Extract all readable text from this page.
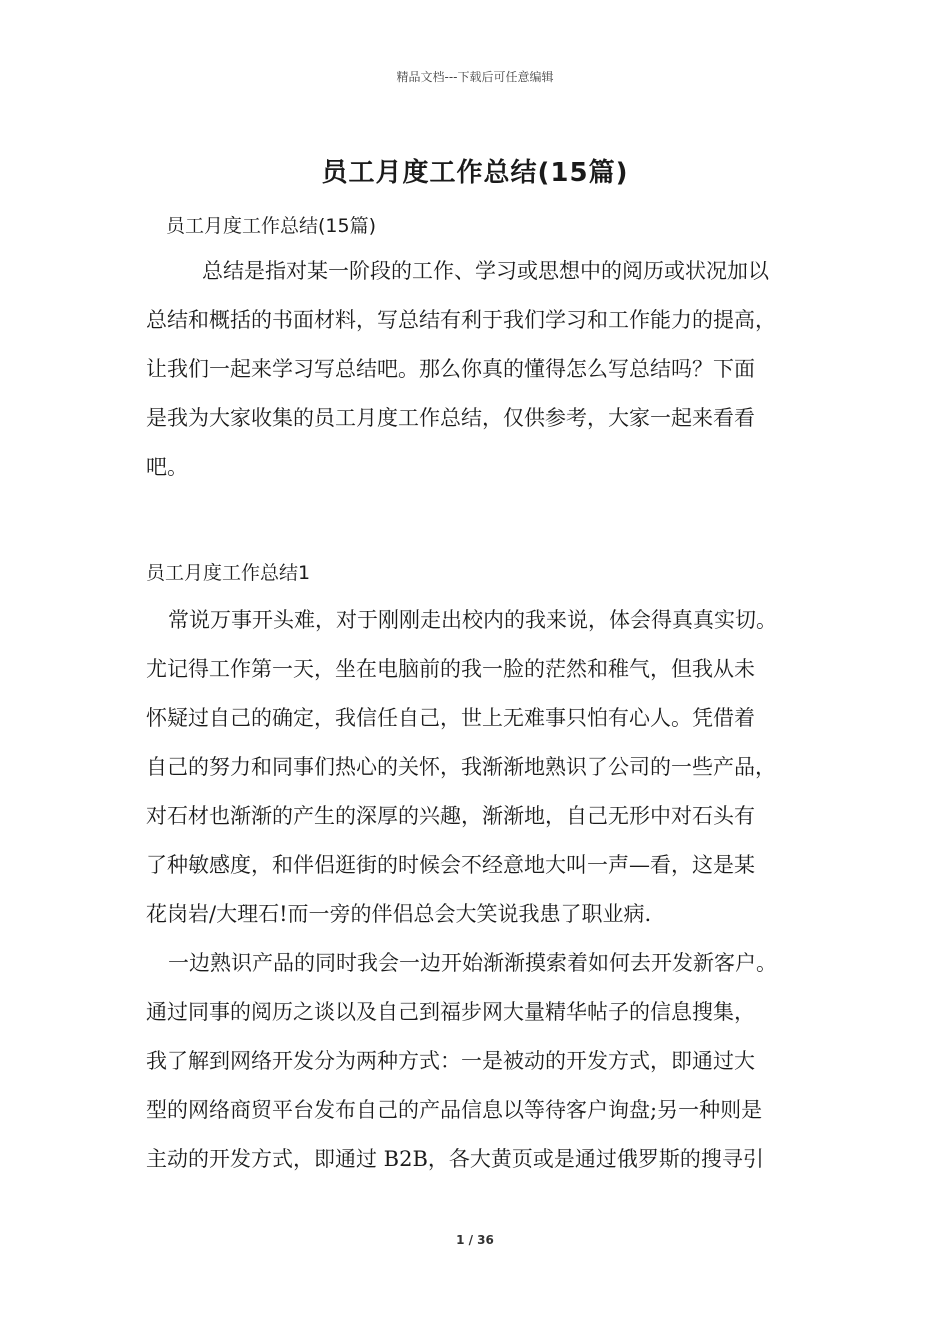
精品文档---下载后可任意编辑
员工月度工作总结(15篇)
员工月度工作总结(15篇)
总结是指对某一阶段的工作、学习或思想中的阅历或状况加以
总结和概括的书面材料，写总结有利于我们学习和工作能力的提高，
让我们一起来学习写总结吧。那么你真的懂得怎么写总结吗？下面
是我为大家收集的员工月度工作总结，仅供参考，大家一起来看看
吧。
员工月度工作总结1
常说万事开头难，对于刚刚走出校内的我来说，体会得真真实切。
尤记得工作第一天，坐在电脑前的我一脸的茫然和稚气，但我从未
怀疑过自己的确定，我信任自己，世上无难事只怕有心人。凭借着
自己的努力和同事们热心的关怀，我渐渐地熟识了公司的一些产品，
对石材也渐渐的产生的深厚的兴趣，渐渐地，自己无形中对石头有
了种敏感度，和伴侣逛街的时候会不经意地大叫一声—看，这是某
花岗岩/大理石!而一旁的伴侣总会大笑说我患了职业病.
一边熟识产品的同时我会一边开始渐渐摸索着如何去开发新客户。
通过同事的阅历之谈以及自己到福步网大量精华帖子的信息搜集，
我了解到网络开发分为两种方式：一是被动的开发方式，即通过大
型的网络商贸平台发布自己的产品信息以等待客户询盘;另一种则是
主动的开发方式，即通过 B2B，各大黄页或是通过俄罗斯的搜寻引
1 / 36
